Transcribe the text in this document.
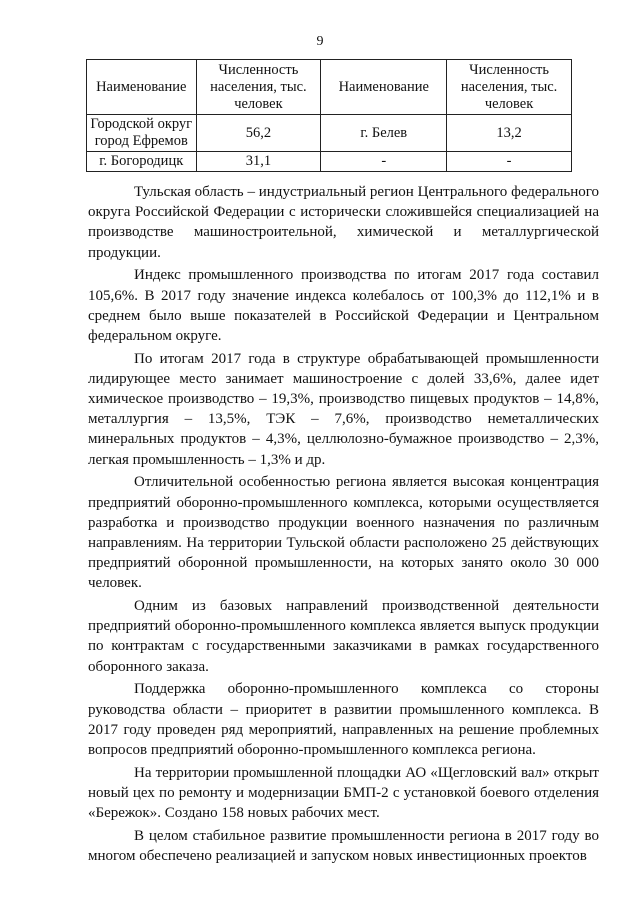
9
Наименование	Численность населения, тыс. человек	Наименование	Численность населения, тыс. человек
Городской округ город Ефремов	56,2	г. Белев	13,2
г. Богородицк	31,1	-	-

Тульская область – индустриальный регион Центрального федерального округа Российской Федерации с исторически сложившейся специализацией на производстве машиностроительной, химической и металлургической продукции.

Индекс промышленного производства по итогам 2017 года составил 105,6%. В 2017 году значение индекса колебалось от 100,3% до 112,1% и в среднем было выше показателей в Российской Федерации и Центральном федеральном округе.

По итогам 2017 года в структуре обрабатывающей промышленности лидирующее место занимает машиностроение с долей 33,6%, далее идет химическое производство – 19,3%, производство пищевых продуктов – 14,8%, металлургия – 13,5%, ТЭК – 7,6%, производство неметаллических минеральных продуктов – 4,3%, целлюлозно-бумажное производство – 2,3%, легкая промышленность – 1,3% и др.

Отличительной особенностью региона является высокая концентрация предприятий оборонно-промышленного комплекса, которыми осуществляется разработка и производство продукции военного назначения по различным направлениям. На территории Тульской области расположено 25 действующих предприятий оборонной промышленности, на которых занято около 30 000 человек.

Одним из базовых направлений производственной деятельности предприятий оборонно-промышленного комплекса является выпуск продукции по контрактам с государственными заказчиками в рамках государственного оборонного заказа.

Поддержка оборонно-промышленного комплекса со стороны руководства области – приоритет в развитии промышленного комплекса. В 2017 году проведен ряд мероприятий, направленных на решение проблемных вопросов предприятий оборонно-промышленного комплекса региона.

На территории промышленной площадки АО «Щегловский вал» открыт новый цех по ремонту и модернизации БМП-2 с установкой боевого отделения «Бережок». Создано 158 новых рабочих мест.

В целом стабильное развитие промышленности региона в 2017 году во многом обеспечено реализацией и запуском новых инвестиционных проектов
